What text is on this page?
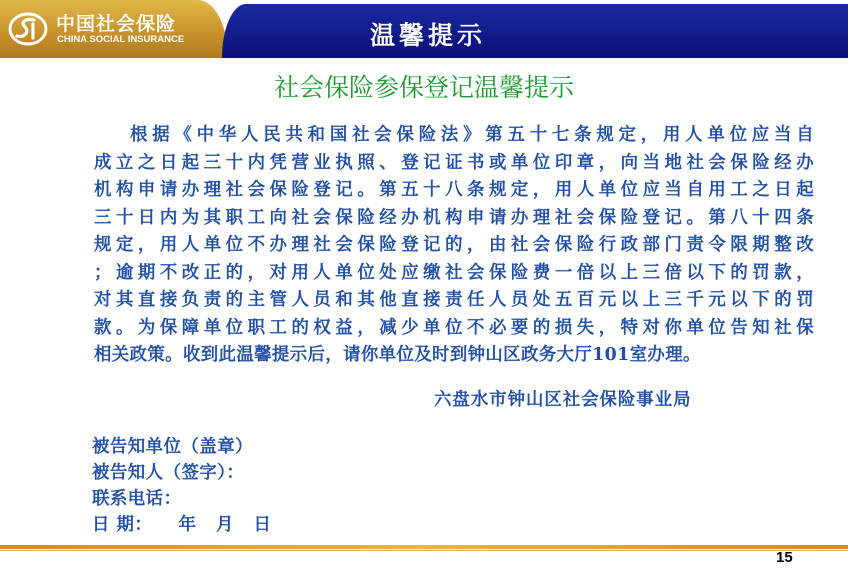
中国社会保险
CHINA SOCIAL INSURANCE	温馨提示
社会保险参保登记温馨提示
根据《中华人民共和国社会保险法》第五十七条规定，用人单位应当自
成立之日起三十内凭营业执照、登记证书或单位印章，向当地社会保险经办
机构申请办理社会保险登记。第五十八条规定，用人单位应当自用工之日起
三十日内为其职工向社会保险经办机构申请办理社会保险登记。第八十四条
规定，用人单位不办理社会保险登记的，由社会保险行政部门责令限期整改
；逾期不改正的，对用人单位处应缴社会保险费一倍以上三倍以下的罚款，
对其直接负责的主管人员和其他直接责任人员处五百元以上三千元以下的罚
款。为保障单位职工的权益，减少单位不必要的损失，特对你单位告知社保
相关政策。收到此温馨提示后，请你单位及时到钟山区政务大厅101室办理。
六盘水市钟山区社会保险事业局
被告知单位（盖章）
被告知人（签字）：
联系电话：
日 期：    年   月   日
15
